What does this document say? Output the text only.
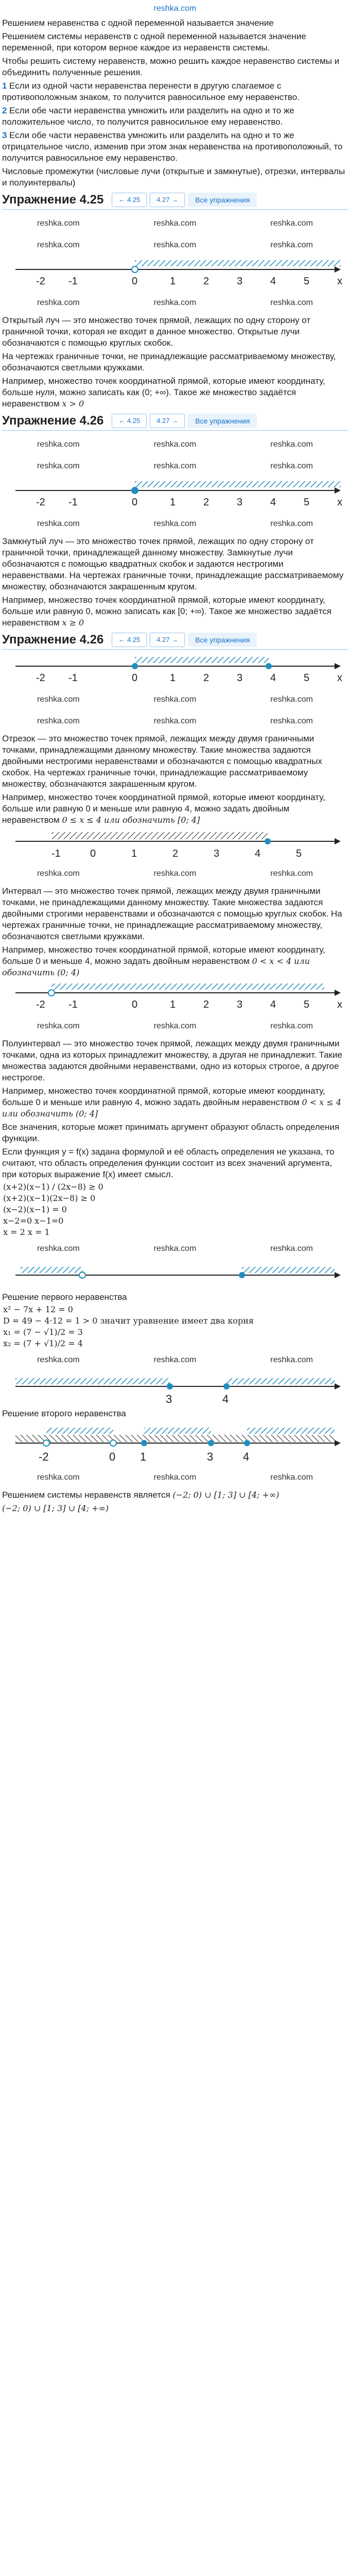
reshka.com
Решением неравенства с одной переменной называется значение
Решением системы неравенств с одной переменной называется значение переменной, при котором верное каждое из неравенств системы.
Чтобы решить систему неравенств, можно решить каждое неравенство системы и объединить полученные решения.
1 Если из одной части неравенства перенести в другую слагаемое с противоположным знаком, то получится равносильное ему неравенство.
2 Если обе части неравенства умножить или разделить на одно и то же положительное число, то получится равносильное ему неравенство.
3 Если обе части неравенства умножить или разделить на одно и то же отрицательное число, изменив при этом знак неравенства на противоположный, то получится равносильное ему неравенство.
Числовые промежутки (числовые лучи (открытые и замкнутые), отрезки, интервалы и полуинтервалы)
Упражнение 4.25	← 4.25	4.27 →	Все упражнения
reshka.com	reshka.com	reshka.com
reshka.com	reshka.com	reshka.com
-2 -1	0	1	2	3	4	5	x
reshka.com	reshka.com	reshka.com
Открытый луч — это множество точек прямой, лежащих по одну сторону от граничной точки, которая не входит в данное множество. Открытые лучи обозначаются с помощью круглых скобок.
На чертежах граничные точки, не принадлежащие рассматриваемому множеству, обозначаются светлыми кружками.
Например, множество точек координатной прямой, которые имеют координату, больше нуля, можно записать как (0; +∞). Такое же множество задаётся неравенством x > 0
Упражнение 4.26	← 4.25	4.27 →	Все упражнения
reshka.com	reshka.com	reshka.com
reshka.com	reshka.com	reshka.com
-2 -1	0	1	2	3	4	5	x
reshka.com	reshka.com	reshka.com
Замкнутый луч — это множество точек прямой, лежащих по одну сторону от граничной точки, принадлежащей данному множеству. Замкнутые лучи обозначаются с помощью квадратных скобок и задаются нестрогими неравенствами. На чертежах граничные точки, принадлежащие рассматриваемому множеству, обозначаются закрашенным кругом.
Например, множество точек координатной прямой, которые имеют координату, больше или равную 0, можно записать как [0; +∞). Такое же множество задаётся неравенством x ≥ 0
Упражнение 4.26	← 4.25	4.27 →	Все упражнения
-2 -1	0	1	2	3	4	5	x
reshka.com	reshka.com	reshka.com
reshka.com	reshka.com	reshka.com
Отрезок — это множество точек прямой, лежащих между двумя граничными точками, принадлежащими данному множеству. Такие множества задаются двойными нестрогими неравенствами и обозначаются с помощью квадратных скобок. На чертежах граничные точки, принадлежащие рассматриваемому множеству, обозначаются закрашенным кругом.
Например, множество точек координатной прямой, которые имеют координату, больше или равную 0 и меньше или равную 4, можно задать двойным неравенством 0 ≤ x ≤ 4 или обозначить [0; 4]
-1	0	1	2	3	4	5
reshka.com	reshka.com	reshka.com
Интервал — это множество точек прямой, лежащих между двумя граничными точками, не принадлежащими данному множеству. Такие множества задаются двойными строгими неравенствами и обозначаются с помощью круглых скобок. На чертежах граничные точки, не принадлежащие рассматриваемому множеству, обозначаются светлыми кружками.
Например, множество точек координатной прямой, которые имеют координату, больше 0 и меньше 4, можно задать двойным неравенством 0 < x < 4 или обозначить (0; 4)
-2 -1	0	1	2	3	4	5	x
reshka.com	reshka.com	reshka.com
Полуинтервал — это множество точек прямой, лежащих между двумя граничными точками, одна из которых принадлежит множеству, а другая не принадлежит. Такие множества задаются двойными неравенствами, одно из которых строгое, а другое нестрогое.
Например, множество точек координатной прямой, которые имеют координату, больше 0 и меньше или равную 4, можно задать двойным неравенством 0 < x ≤ 4 или обозначить (0; 4]
Все значения, которые может принимать аргумент образуют область определения функции.
Если функция y = f(x) задана формулой и её область определения не указана, то считают, что область определения функции состоит из всех значений аргумента, при которых выражение f(x) имеет смысл.
(x+2)(x−1) / (2x−8) ≥ 0
(x+2)(x−1)(2x−8) ≥ 0
(x−2)(x−1) = 0
x−2=0 x−1=0
x = 2 x = 1
reshka.com	reshka.com	reshka.com
Решение первого неравенства
x² − 7x + 12 = 0
D = 49 − 4·12 = 1 > 0 значит уравнение имеет два корня
x₁ = (7 − √1)/2 = 3
x₂ = (7 + √1)/2 = 4
reshka.com	reshka.com	reshka.com
3	4
Решение второго неравенства
-2	0 1	3	4
reshka.com	reshka.com	reshka.com
Решением системы неравенств является (−2; 0) ∪ [1; 3] ∪ [4; +∞)
(−2; 0) ∪ [1; 3] ∪ [4; +∞)
